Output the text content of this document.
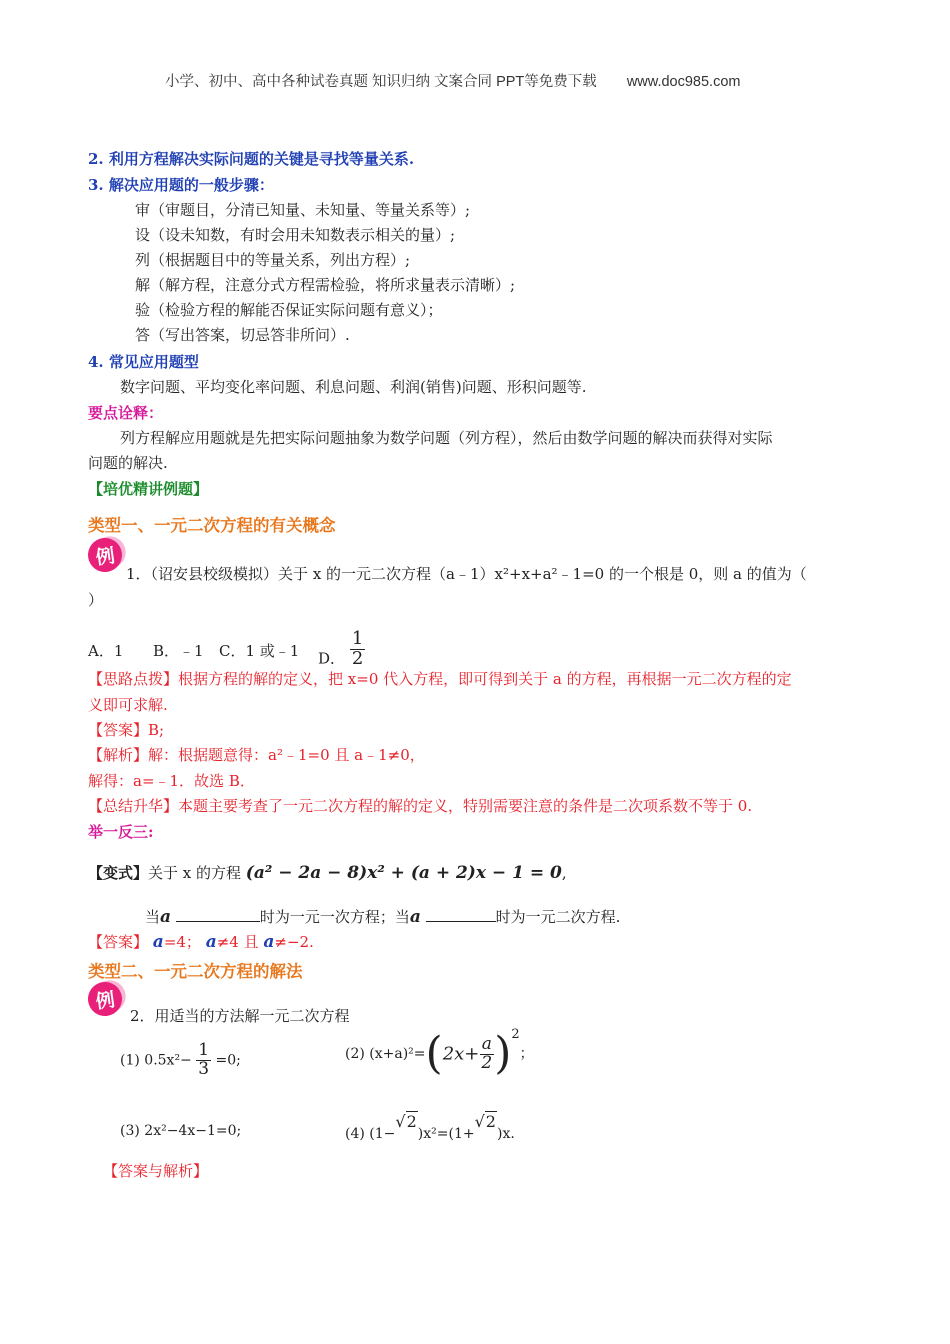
小学、初中、高中各种试卷真题 知识归纳 文案合同 PPT等免费下载 www.doc985.com
2. 利用方程解决实际问题的关键是寻找等量关系.
3. 解决应用题的一般步骤：
审（审题目，分清已知量、未知量、等量关系等）;
设（设未知数，有时会用未知数表示相关的量）;
列（根据题目中的等量关系，列出方程）;
解（解方程，注意分式方程需检验，将所求量表示清晰）;
验（检验方程的解能否保证实际问题有意义）；
答（写出答案，切忌答非所问）.
4. 常见应用题型
数字问题、平均变化率问题、利息问题、利润(销售)问题、形积问题等.
要点诠释：
列方程解应用题就是先把实际问题抽象为数学问题（列方程），然后由数学问题的解决而获得对实际
问题的解决.
【培优精讲例题】
类型一、一元二次方程的有关概念
例
1．（诏安县校级模拟）关于 x 的一元二次方程（a﹣1）x²+x+a²﹣1=0 的一个根是 0，则 a 的值为（
）
A．1 B．﹣1 C．1 或﹣1 D． $\frac{1}{2}$
【思路点拨】根据方程的解的定义，把 x=0 代入方程，即可得到关于 a 的方程，再根据一元二次方程的定
义即可求解.
【答案】B;
【解析】解：根据题意得：a²﹣1=0 且 a﹣1≠0，
解得：a=﹣1．故选 B．
【总结升华】本题主要考查了一元二次方程的解的定义，特别需要注意的条件是二次项系数不等于 0.
举一反三:
【变式】关于 x 的方程 (a² − 2a − 8)x² + (a + 2)x − 1 = 0,
当a	时为一元一次方程；当a	时为一元二次方程.
【答案】 a=4； a≠4 且 a≠−2.
类型二、一元二次方程的解法
例
2．用适当的方法解一元二次方程
(1) $0.5x^2- \frac{1}{3} =0$;	(2) $(x+a)^2=(2x+ \frac{a}{2} )^2$；
(3) 2x²−4x−1=0;	(4) (1−√2)x²=(1+√2)x.
【答案与解析】
